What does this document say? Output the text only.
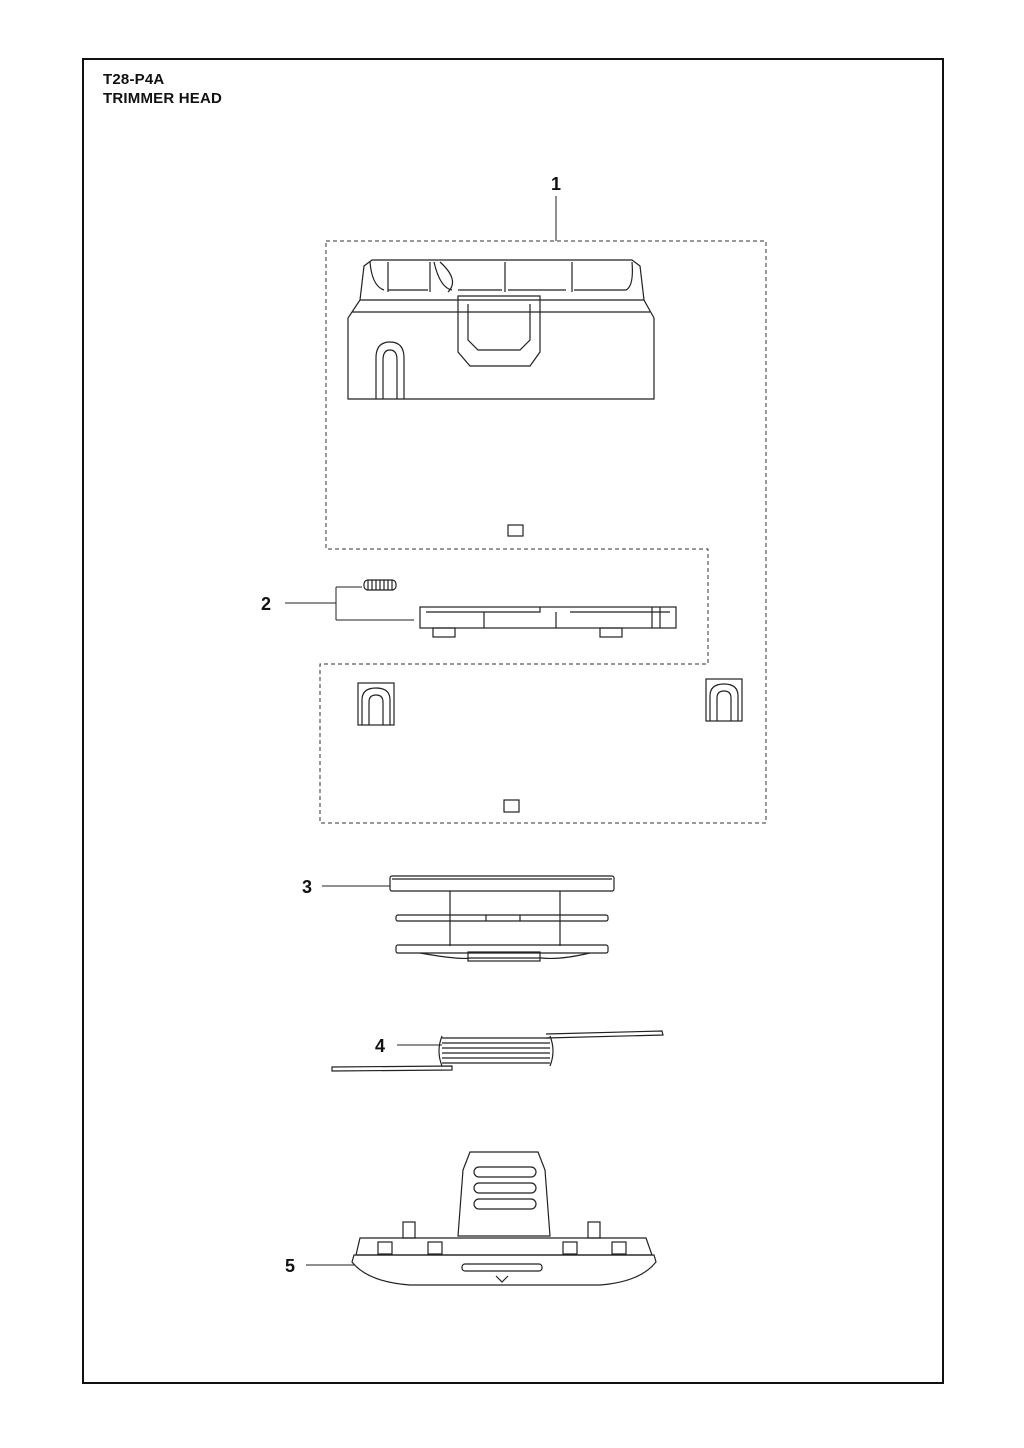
T28-P4A
TRIMMER HEAD
1
2
3
4
5
